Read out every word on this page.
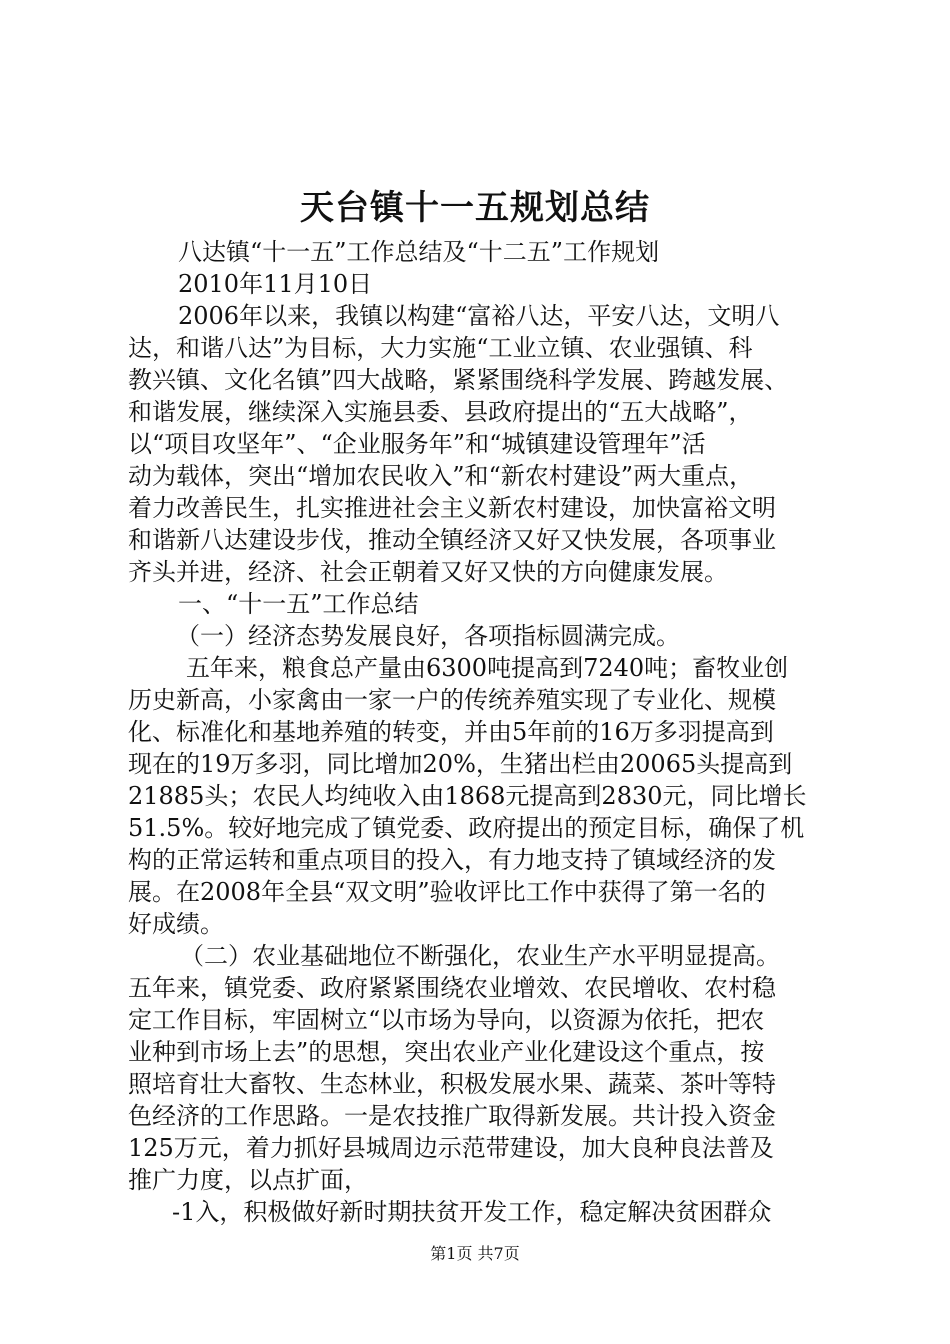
天台镇十一五规划总结
八达镇“十一五”工作总结及“十二五”工作规划
2010年11月10日
2006年以来，我镇以构建“富裕八达，平安八达，文明八
达，和谐八达”为目标，大力实施“工业立镇、农业强镇、科
教兴镇、文化名镇”四大战略，紧紧围绕科学发展、跨越发展、
和谐发展，继续深入实施县委、县政府提出的“五大战略”，
以“项目攻坚年”、“企业服务年”和“城镇建设管理年”活
动为载体，突出“增加农民收入”和“新农村建设”两大重点，
着力改善民生，扎实推进社会主义新农村建设，加快富裕文明
和谐新八达建设步伐，推动全镇经济又好又快发展，各项事业
齐头并进，经济、社会正朝着又好又快的方向健康发展。
一、“十一五”工作总结
（一）经济态势发展良好，各项指标圆满完成。
五年来，粮食总产量由6300吨提高到7240吨；畜牧业创
历史新高，小家禽由一家一户的传统养殖实现了专业化、规模
化、标准化和基地养殖的转变，并由5年前的16万多羽提高到
现在的19万多羽，同比增加20%，生猪出栏由20065头提高到
21885头；农民人均纯收入由1868元提高到2830元，同比增长
51.5%。较好地完成了镇党委、政府提出的预定目标，确保了机
构的正常运转和重点项目的投入，有力地支持了镇域经济的发
展。在2008年全县“双文明”验收评比工作中获得了第一名的
好成绩。
（二）农业基础地位不断强化，农业生产水平明显提高。
五年来，镇党委、政府紧紧围绕农业增效、农民增收、农村稳
定工作目标，牢固树立“以市场为导向，以资源为依托，把农
业种到市场上去”的思想，突出农业产业化建设这个重点，按
照培育壮大畜牧、生态林业，积极发展水果、蔬菜、茶叶等特
色经济的工作思路。一是农技推广取得新发展。共计投入资金
125万元，着力抓好县城周边示范带建设，加大良种良法普及
推广力度，以点扩面，
-1入，积极做好新时期扶贫开发工作，稳定解决贫困群众
第1页 共7页
